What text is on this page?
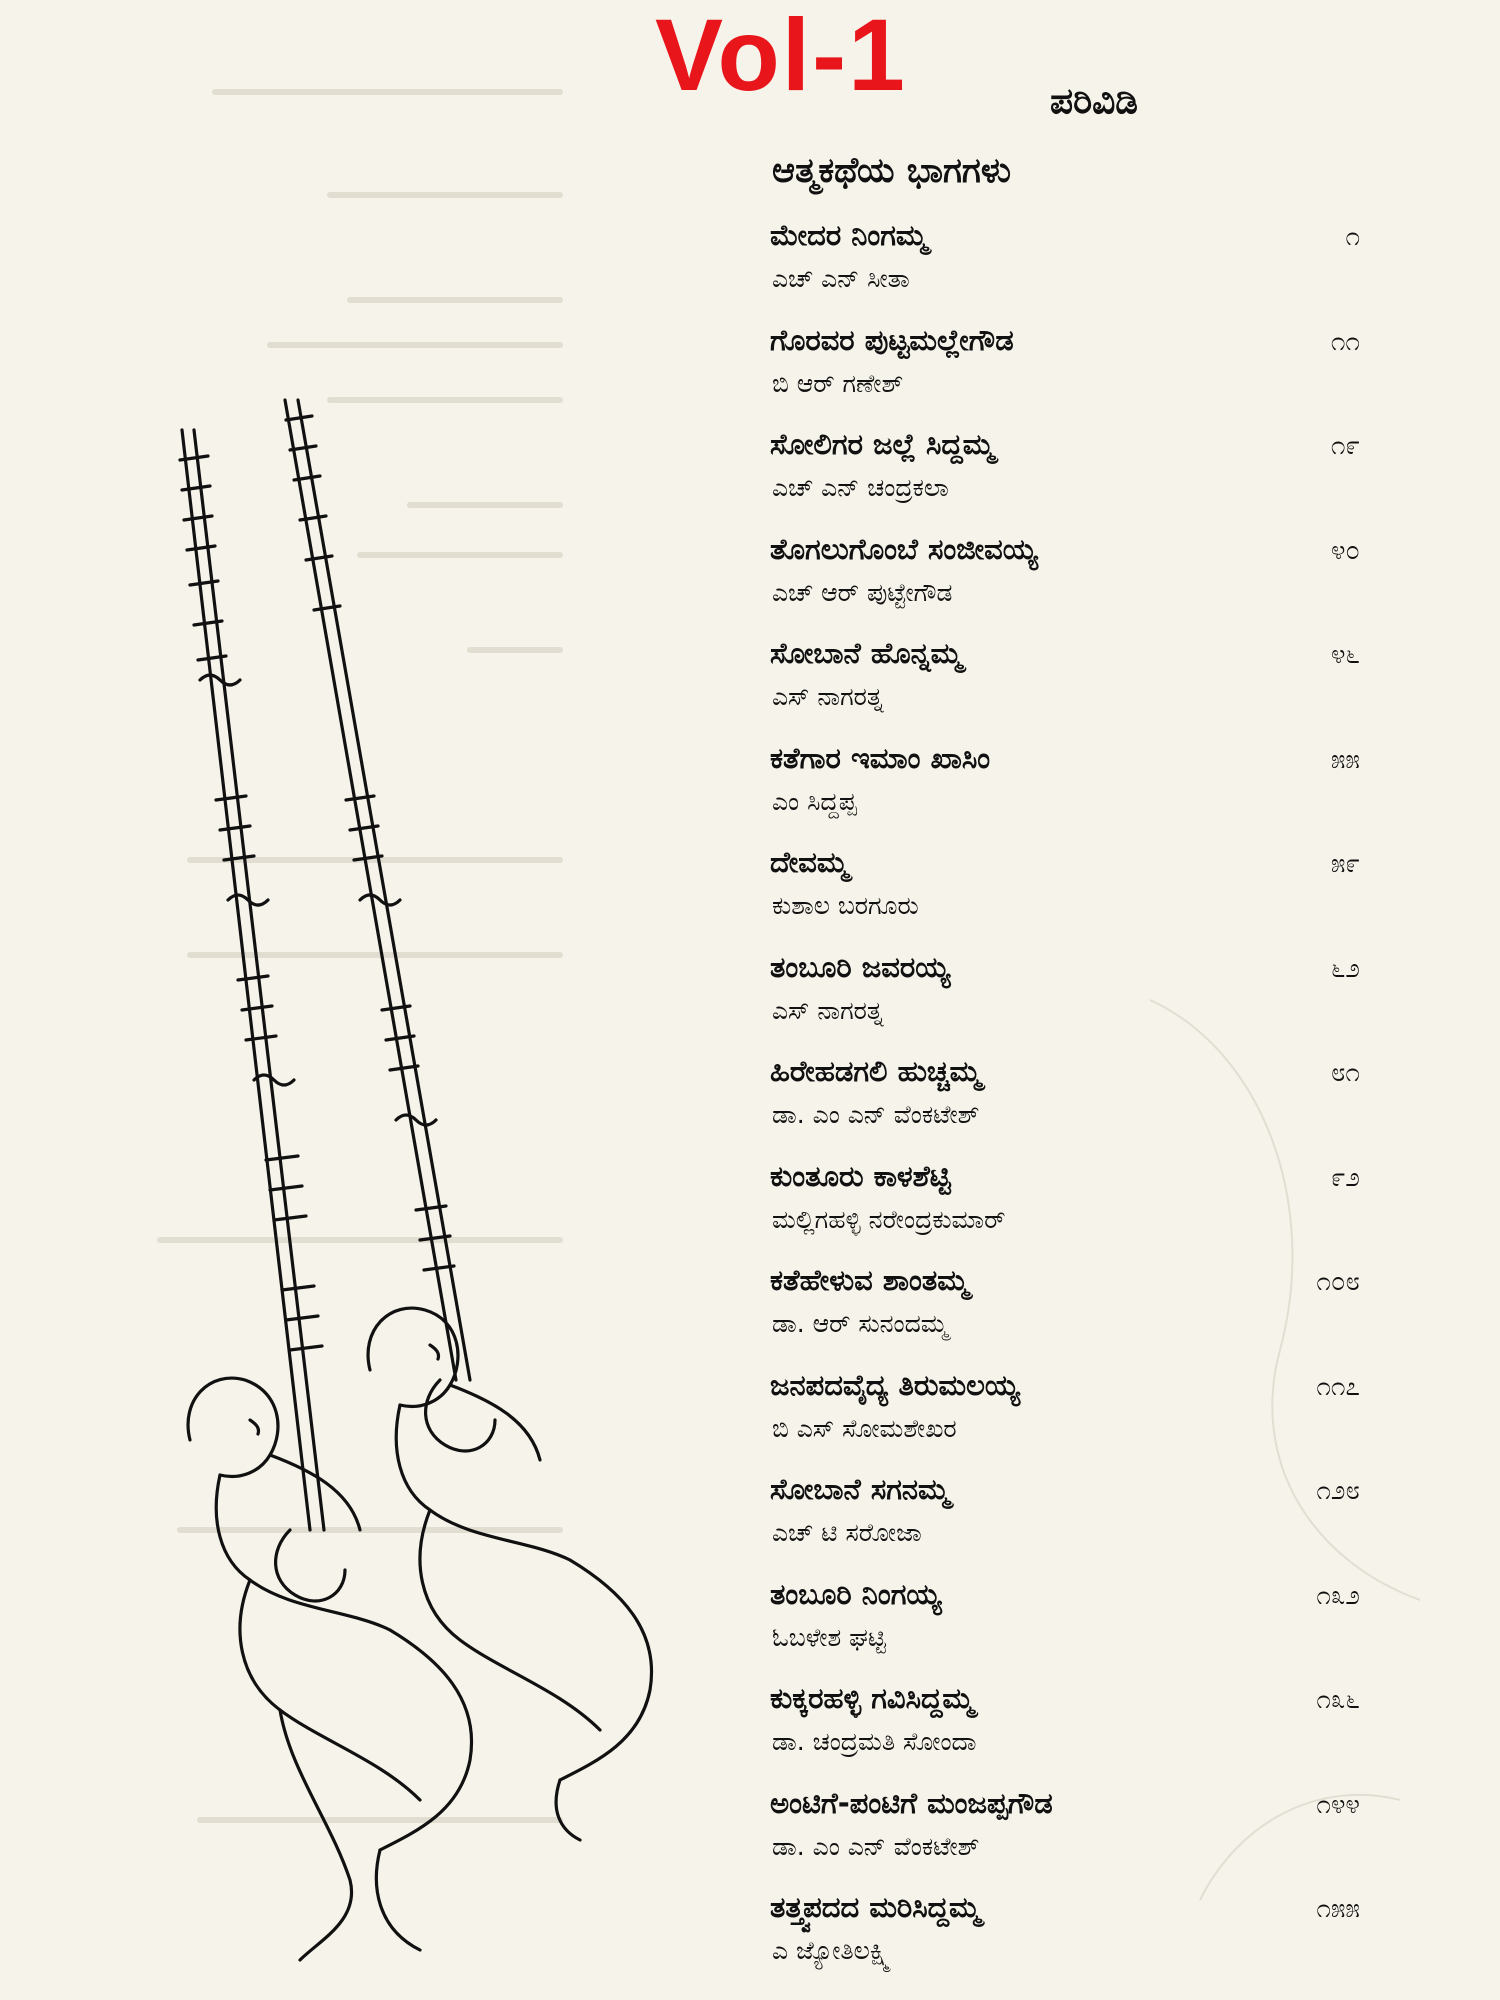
Vol-1	ಪರಿವಿಡಿ
ಆತ್ಮಕಥೆಯ ಭಾಗಗಳು
ಮೇದರ ನಿಂಗಮ್ಮ
ಎಚ್ ಎನ್ ಸೀತಾ
೧
ಗೊರವರ ಪುಟ್ಟಮಲ್ಲೇಗೌಡ
ಬಿ ಆರ್ ಗಣೇಶ್
೧೧
ಸೋಲಿಗರ ಜಲ್ಲೆ ಸಿದ್ದಮ್ಮ
ಎಚ್ ಎನ್ ಚಂದ್ರಕಲಾ
೧೯
ತೊಗಲುಗೊಂಬೆ ಸಂಜೀವಯ್ಯ
ಎಚ್ ಆರ್ ಪುಟ್ಟೇಗೌಡ
೪೦
ಸೋಬಾನೆ ಹೊನ್ನಮ್ಮ
ಎಸ್ ನಾಗರತ್ನ
೪೬
ಕತೆಗಾರ ಇಮಾಂ ಖಾಸಿಂ
ಎಂ ಸಿದ್ದಪ್ಪ
೫೫
ದೇವಮ್ಮ
ಕುಶಾಲ ಬರಗೂರು
೫೯
ತಂಬೂರಿ ಜವರಯ್ಯ
ಎಸ್ ನಾಗರತ್ನ
೬೨
ಹಿರೇಹಡಗಲಿ ಹುಚ್ಚಮ್ಮ
ಡಾ. ಎಂ ಎನ್ ವೆಂಕಟೇಶ್
೮೧
ಕುಂತೂರು ಕಾಳಶೆಟ್ಟಿ
ಮಲ್ಲಿಗಹಳ್ಳಿ ನರೇಂದ್ರಕುಮಾರ್
೯೨
ಕತೆಹೇಳುವ ಶಾಂತಮ್ಮ
ಡಾ. ಆರ್ ಸುನಂದಮ್ಮ
೧೦೮
ಜನಪದವೈದ್ಯ ತಿರುಮಲಯ್ಯ
ಬಿ ಎಸ್ ಸೋಮಶೇಖರ
೧೧೭
ಸೋಬಾನೆ ಸಗನಮ್ಮ
ಎಚ್ ಟಿ ಸರೋಜಾ
೧೨೮
ತಂಬೂರಿ ನಿಂಗಯ್ಯ
ಓಬಳೇಶ ಘಟ್ಟಿ
೧೩೨
ಕುಕ್ಕರಹಳ್ಳಿ ಗವಿಸಿದ್ದಮ್ಮ
ಡಾ. ಚಂದ್ರಮತಿ ಸೋಂದಾ
೧೩೬
ಅಂಟಿಗೆ-ಪಂಟಿಗೆ ಮಂಜಪ್ಪಗೌಡ
ಡಾ. ಎಂ ಎನ್ ವೆಂಕಟೇಶ್
೧೪೪
ತತ್ತ್ವಪದದ ಮರಿಸಿದ್ದಮ್ಮ
ಎ ಜ್ಯೋತಿಲಕ್ಷ್ಮಿ
೧೫೫
